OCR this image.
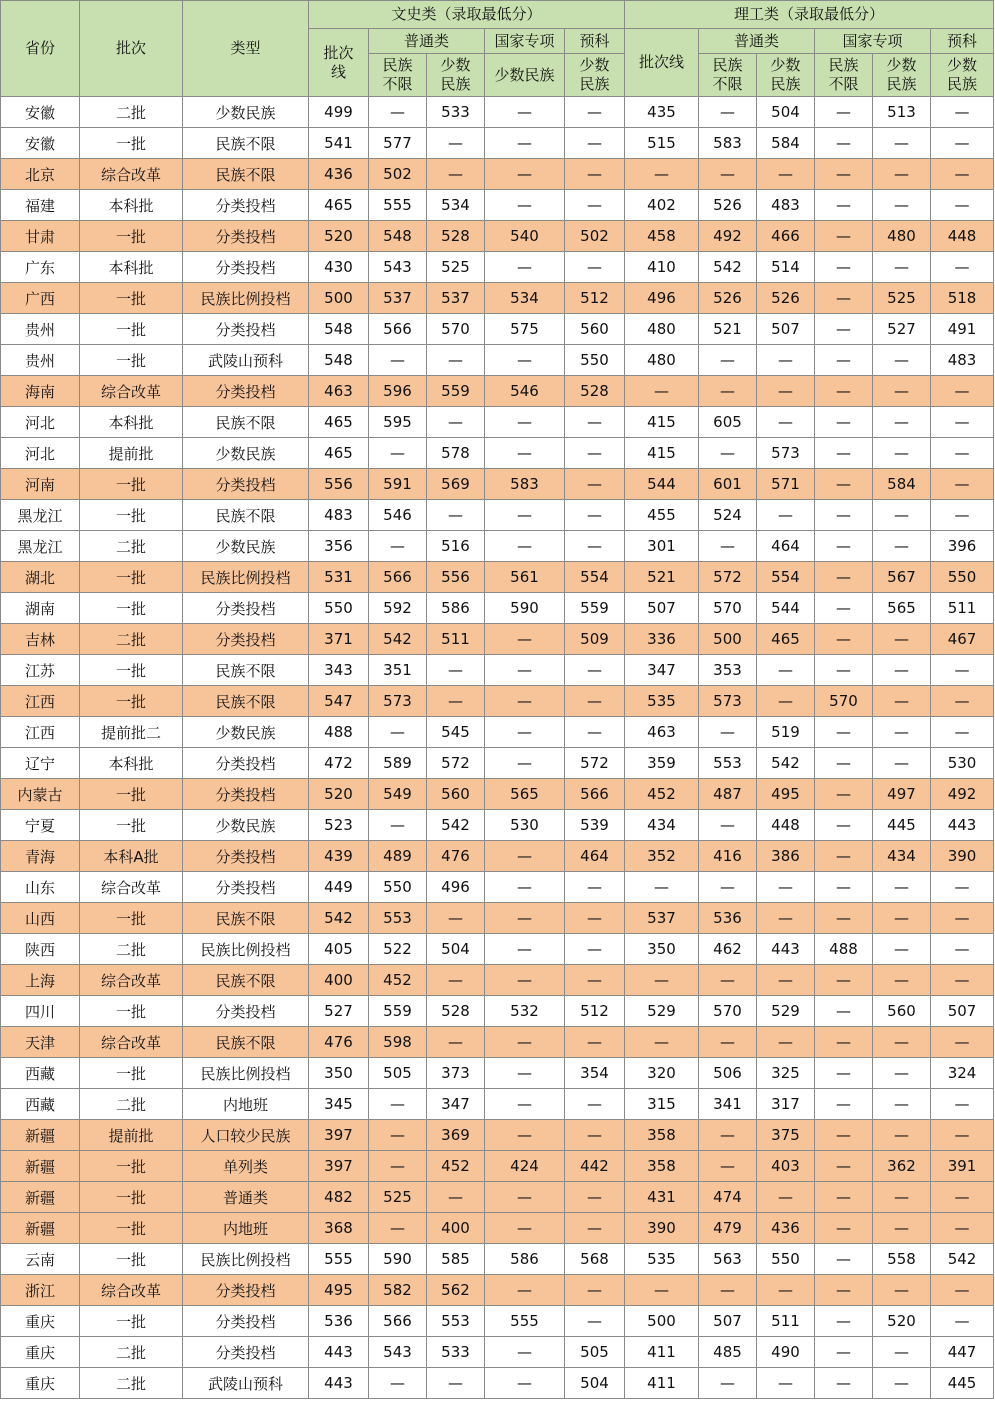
省份	批次	类型	文史类（录取最低分）					理工类（录取最低分）					
			批次线	普通类		国家专项	预科	批次线	普通类		国家专项		预科
				民族不限	少数民族	少数民族	少数民族		民族不限	少数民族	民族不限	少数民族	少数民族
安徽	二批	少数民族	499	—	533	—	—	435	—	504	—	513	—
安徽	一批	民族不限	541	577	—	—	—	515	583	584	—	—	—
北京	综合改革	民族不限	436	502	—	—	—	—	—	—	—	—	—
福建	本科批	分类投档	465	555	534	—	—	402	526	483	—	—	—
甘肃	一批	分类投档	520	548	528	540	502	458	492	466	—	480	448
广东	本科批	分类投档	430	543	525	—	—	410	542	514	—	—	—
广西	一批	民族比例投档	500	537	537	534	512	496	526	526	—	525	518
贵州	一批	分类投档	548	566	570	575	560	480	521	507	—	527	491
贵州	一批	武陵山预科	548	—	—	—	550	480	—	—	—	—	483
海南	综合改革	分类投档	463	596	559	546	528	—	—	—	—	—	—
河北	本科批	民族不限	465	595	—	—	—	415	605	—	—	—	—
河北	提前批	少数民族	465	—	578	—	—	415	—	573	—	—	—
河南	一批	分类投档	556	591	569	583	—	544	601	571	—	584	—
黑龙江	一批	民族不限	483	546	—	—	—	455	524	—	—	—	—
黑龙江	二批	少数民族	356	—	516	—	—	301	—	464	—	—	396
湖北	一批	民族比例投档	531	566	556	561	554	521	572	554	—	567	550
湖南	一批	分类投档	550	592	586	590	559	507	570	544	—	565	511
吉林	二批	分类投档	371	542	511	—	509	336	500	465	—	—	467
江苏	一批	民族不限	343	351	—	—	—	347	353	—	—	—	—
江西	一批	民族不限	547	573	—	—	—	535	573	—	570	—	—
江西	提前批二	少数民族	488	—	545	—	—	463	—	519	—	—	—
辽宁	本科批	分类投档	472	589	572	—	572	359	553	542	—	—	530
内蒙古	一批	分类投档	520	549	560	565	566	452	487	495	—	497	492
宁夏	一批	少数民族	523	—	542	530	539	434	—	448	—	445	443
青海	本科A批	分类投档	439	489	476	—	464	352	416	386	—	434	390
山东	综合改革	分类投档	449	550	496	—	—	—	—	—	—	—	—
山西	一批	民族不限	542	553	—	—	—	537	536	—	—	—	—
陕西	二批	民族比例投档	405	522	504	—	—	350	462	443	488	—	—
上海	综合改革	民族不限	400	452	—	—	—	—	—	—	—	—	—
四川	一批	分类投档	527	559	528	532	512	529	570	529	—	560	507
天津	综合改革	民族不限	476	598	—	—	—	—	—	—	—	—	—
西藏	一批	民族比例投档	350	505	373	—	354	320	506	325	—	—	324
西藏	二批	内地班	345	—	347	—	—	315	341	317	—	—	—
新疆	提前批	人口较少民族	397	—	369	—	—	358	—	375	—	—	—
新疆	一批	单列类	397	—	452	424	442	358	—	403	—	362	391
新疆	一批	普通类	482	525	—	—	—	431	474	—	—	—	—
新疆	一批	内地班	368	—	400	—	—	390	479	436	—	—	—
云南	一批	民族比例投档	555	590	585	586	568	535	563	550	—	558	542
浙江	综合改革	分类投档	495	582	562	—	—	—	—	—	—	—	—
重庆	一批	分类投档	536	566	553	555	—	500	507	511	—	520	—
重庆	二批	分类投档	443	543	533	—	505	411	485	490	—	—	447
重庆	二批	武陵山预科	443	—	—	—	504	411	—	—	—	—	445
